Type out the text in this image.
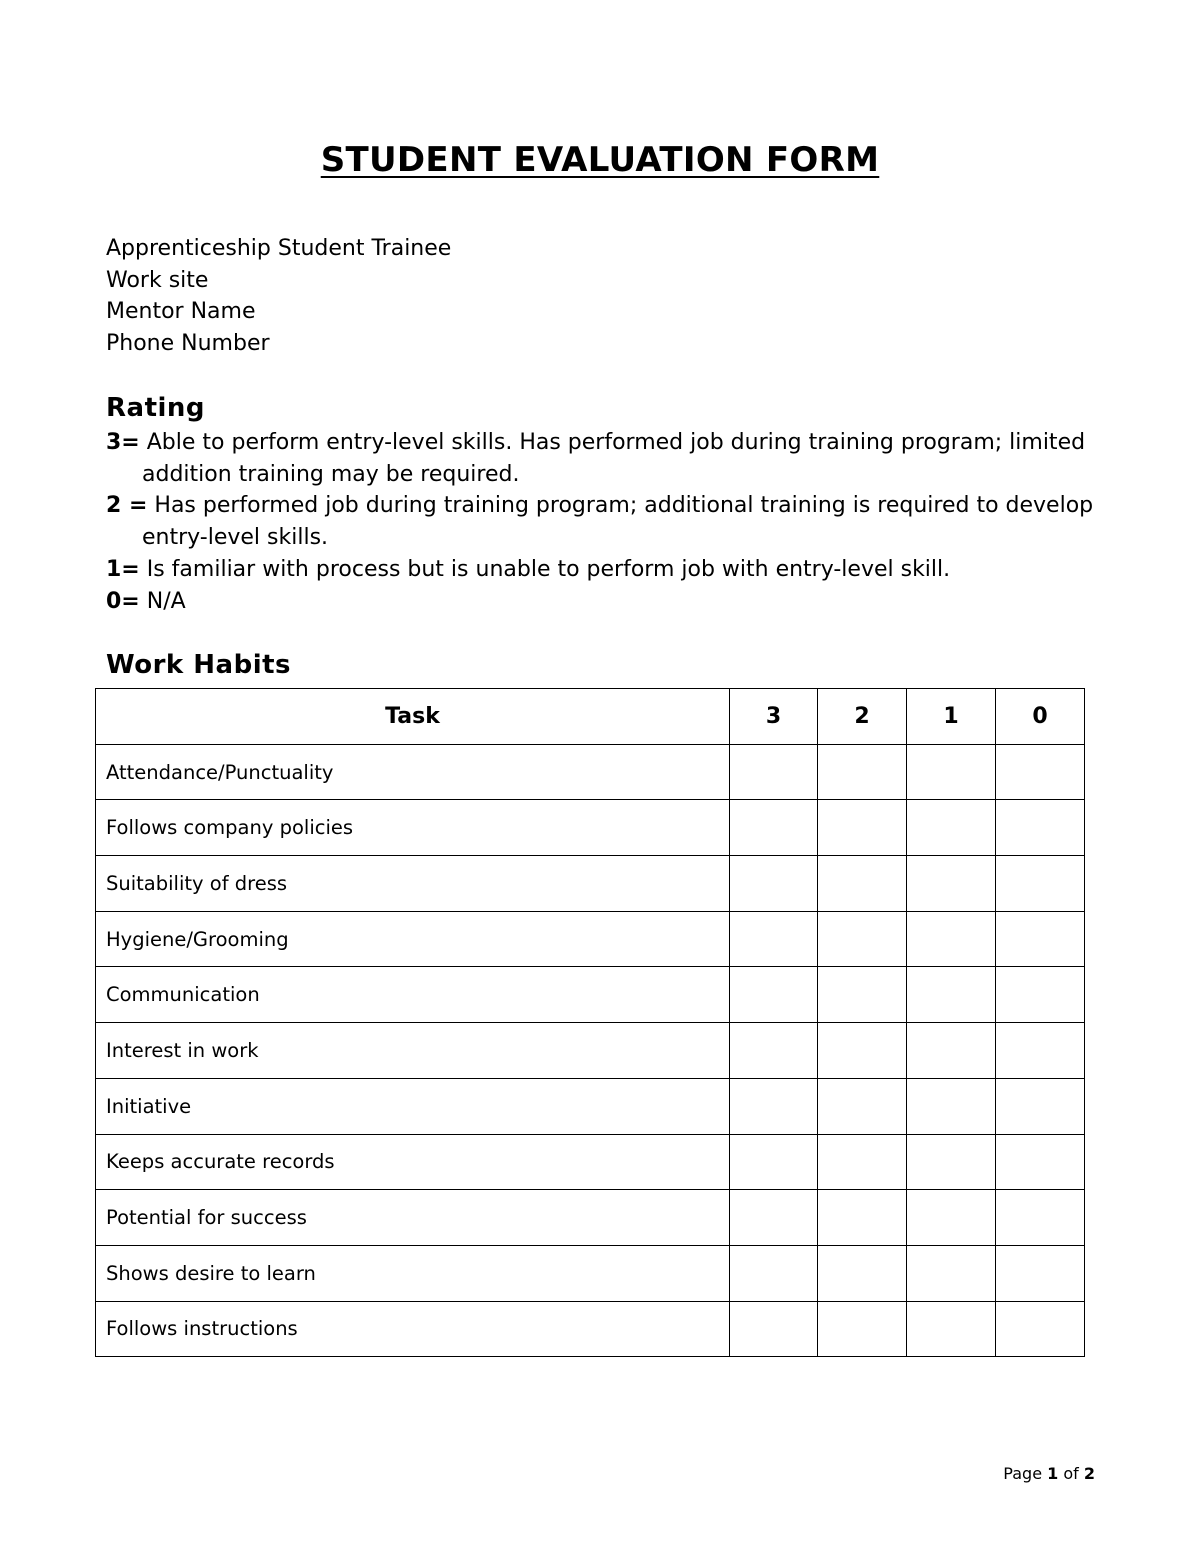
STUDENT EVALUATION FORM
Apprenticeship Student Trainee
Work site
Mentor Name
Phone Number
Rating
3= Able to perform entry-level skills. Has performed job during training program; limited addition training may be required.
2 = Has performed job during training program; additional training is required to develop entry-level skills.
1= Is familiar with process but is unable to perform job with entry-level skill.
0= N/A
Work Habits
Task	3	2	1	0
Attendance/Punctuality				
Follows company policies				
Suitability of dress				
Hygiene/Grooming				
Communication				
Interest in work				
Initiative				
Keeps accurate records				
Potential for success				
Shows desire to learn				
Follows instructions				
Page 1 of 2
